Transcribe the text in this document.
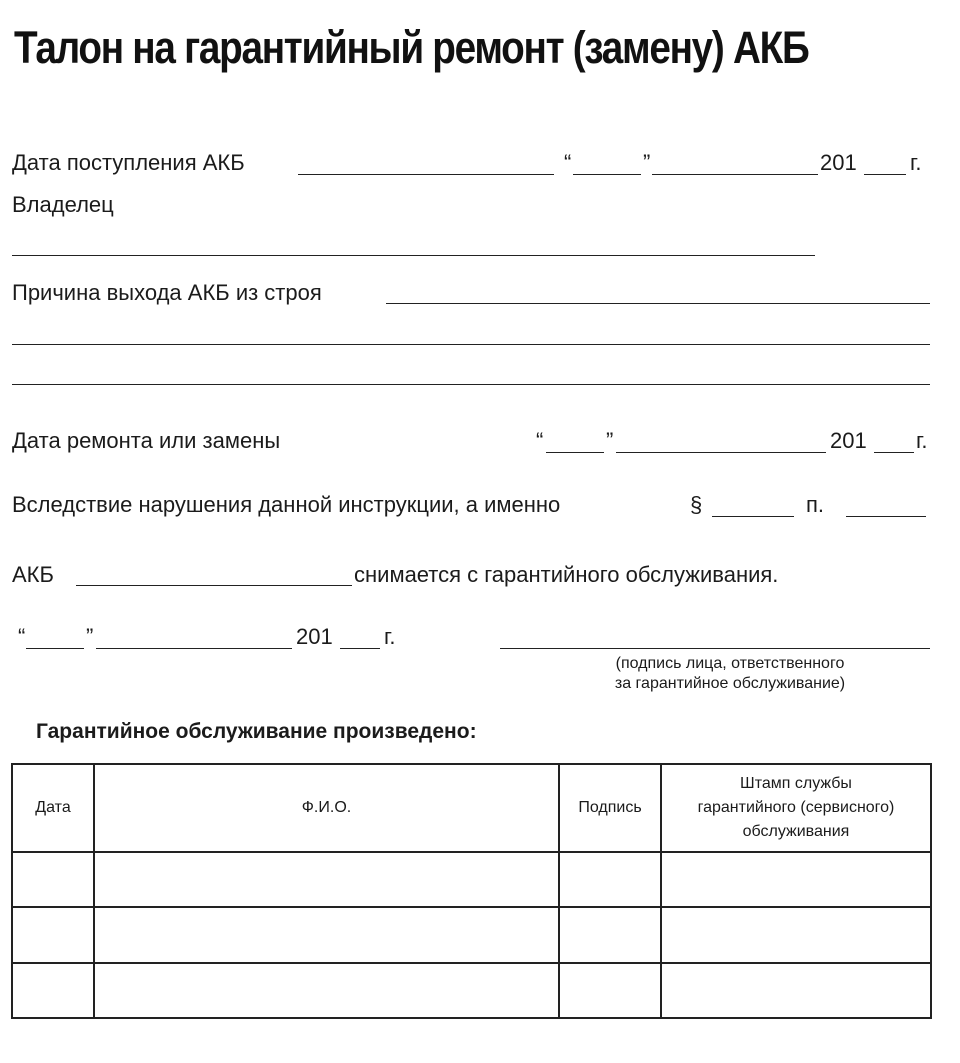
Талон на гарантийный ремонт (замену) АКБ
Дата поступления АКБ	“	”	201 г.
Владелец
Причина выхода АКБ из строя
Дата ремонта или замены	“	”	201 г.
Вследствие нарушения данной инструкции, а именно	§	п.
АКБ	снимается с гарантийного обслуживания.
“	”	201 г.
(подпись лица, ответственного
за гарантийное обслуживание)
Гарантийное обслуживание произведено:
Дата	Ф.И.О.	Подпись	Штамп службы
гарантийного (сервисного)
обслуживания
